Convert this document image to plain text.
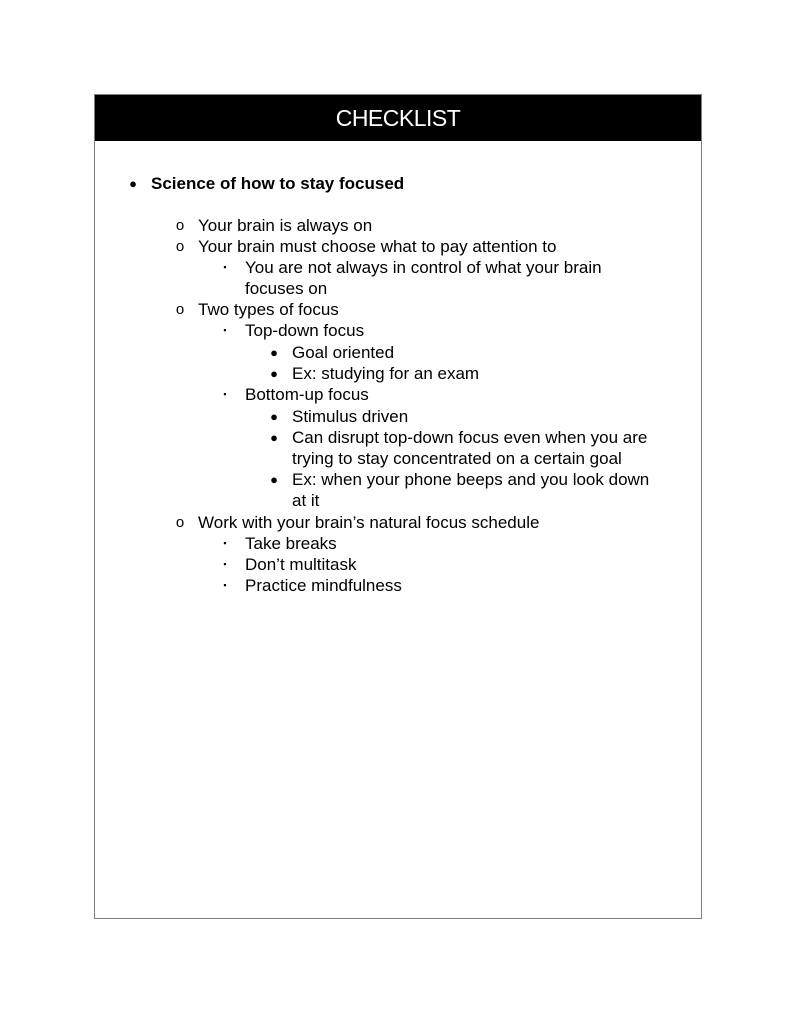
CHECKLIST
● Science of how to stay focused
o Your brain is always on
o Your brain must choose what to pay attention to
▪	You are not always in control of what your brain
focuses on
o Two types of focus
▪	Top-down focus
● Goal oriented
● Ex: studying for an exam
▪	Bottom-up focus
● Stimulus driven
● Can disrupt top-down focus even when you are
trying to stay concentrated on a certain goal
● Ex: when your phone beeps and you look down
at it
o Work with your brain’s natural focus schedule
▪	Take breaks
▪	Don’t multitask
▪	Practice mindfulness
